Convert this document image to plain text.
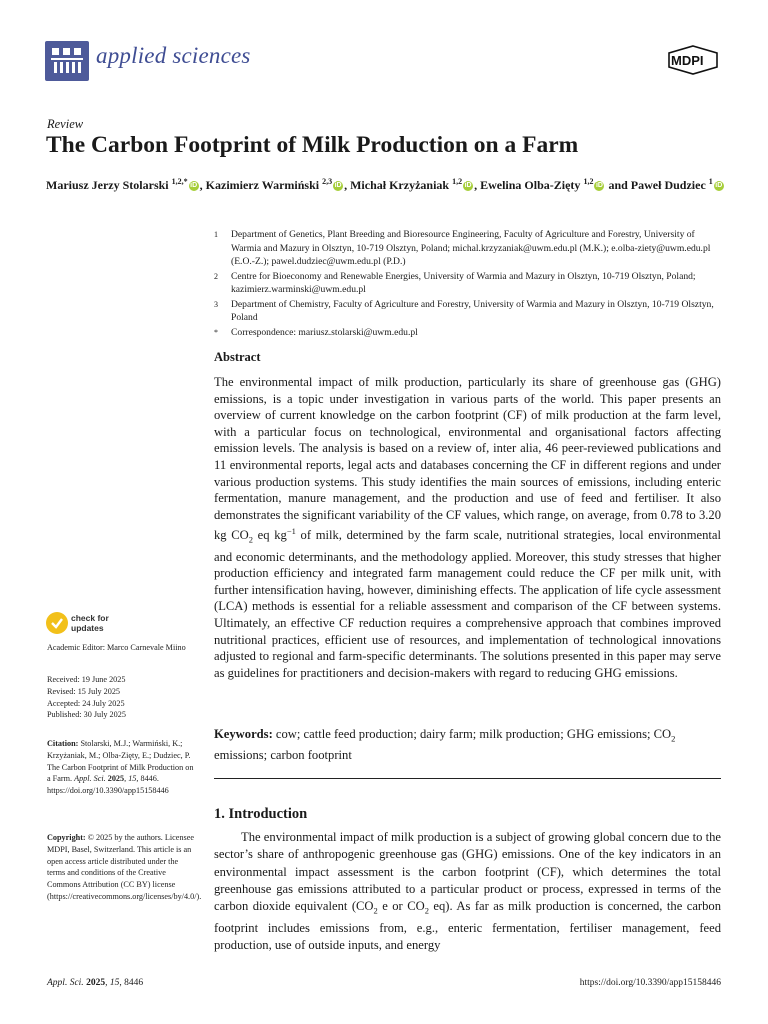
applied sciences	MDPI
Review
The Carbon Footprint of Milk Production on a Farm
Mariusz Jerzy Stolarski $^{1,2,*}$ iD , Kazimierz Warmiński $^{2,3}$ iD , Michał Krzyżaniak $^{1,2}$ iD , Ewelina Olba-Zięty $^{1,2}$ iD and Paweł Dudziec $^1$ iD
1	Department of Genetics, Plant Breeding and Bioresource Engineering, Faculty of Agriculture and Forestry, University of Warmia and Mazury in Olsztyn, 10-719 Olsztyn, Poland; michal.krzyzaniak@uwm.edu.pl (M.K.); e.olba-ziety@uwm.edu.pl (E.O.-Z.); pawel.dudziec@uwm.edu.pl (P.D.)
2	Centre for Bioeconomy and Renewable Energies, University of Warmia and Mazury in Olsztyn, 10-719 Olsztyn, Poland; kazimierz.warminski@uwm.edu.pl
3	Department of Chemistry, Faculty of Agriculture and Forestry, University of Warmia and Mazury in Olsztyn, 10-719 Olsztyn, Poland
*	Correspondence: mariusz.stolarski@uwm.edu.pl
Abstract
The environmental impact of milk production, particularly its share of greenhouse gas (GHG) emissions, is a topic under investigation in various parts of the world. This paper presents an overview of current knowledge on the carbon footprint (CF) of milk production at the farm level, with a particular focus on technological, environmental and organisational factors affecting emission levels. The analysis is based on a review of, inter alia, 46 peer-reviewed publications and 11 environmental reports, legal acts and databases concerning the CF in different regions and under various production systems. This study identifies the main sources of emissions, including enteric fermentation, manure management, and the production and use of feed and fertiliser. It also demonstrates the significant variability of the CF values, which range, on average, from 0.78 to 3.20 kg $CO_2$ eq $kg^{-1}$ of milk, determined by the farm scale, nutritional strategies, local environmental and economic determinants, and the methodology applied. Moreover, this study stresses that higher production efficiency and integrated farm management could reduce the CF per milk unit, with further intensification having, however, diminishing effects. The application of life cycle assessment (LCA) methods is essential for a reliable assessment and comparison of the CF between systems. Ultimately, an effective CF reduction requires a comprehensive approach that combines improved nutritional practices, efficient use of resources, and implementation of technological innovations adjusted to regional and farm-specific determinants. The solutions presented in this paper may serve as guidelines for practitioners and decision-makers with regard to reducing GHG emissions.
Keywords: cow; cattle feed production; dairy farm; milk production; GHG emissions; $CO_2$ emissions; carbon footprint
1. Introduction
The environmental impact of milk production is a subject of growing global concern due to the sector’s share of anthropogenic greenhouse gas (GHG) emissions. One of the key indicators in an environmental impact assessment is the carbon footprint (CF), which determines the total greenhouse gas emissions attributed to a particular product or process, expressed in terms of the carbon dioxide equivalent ($CO_2$ e or $CO_2$ eq). As far as milk production is concerned, the carbon footprint includes emissions from, e.g., enteric fermentation, fertiliser management, feed production, use of outside inputs, and energy
check for
updates
Academic Editor: Marco Carnevale Miino
Received: 19 June 2025
Revised: 15 July 2025
Accepted: 24 July 2025
Published: 30 July 2025
Citation: Stolarski, M.J.; Warmiński, K.; Krzyżaniak, M.; Olba-Zięty, E.; Dudziec, P. The Carbon Footprint of Milk Production on a Farm. Appl. Sci. 2025, 15, 8446. https://doi.org/10.3390/app15158446
Copyright: © 2025 by the authors. Licensee MDPI, Basel, Switzerland. This article is an open access article distributed under the terms and conditions of the Creative Commons Attribution (CC BY) license (https://creativecommons.org/licenses/by/4.0/).
Appl. Sci. 2025, 15, 8446	https://doi.org/10.3390/app15158446
